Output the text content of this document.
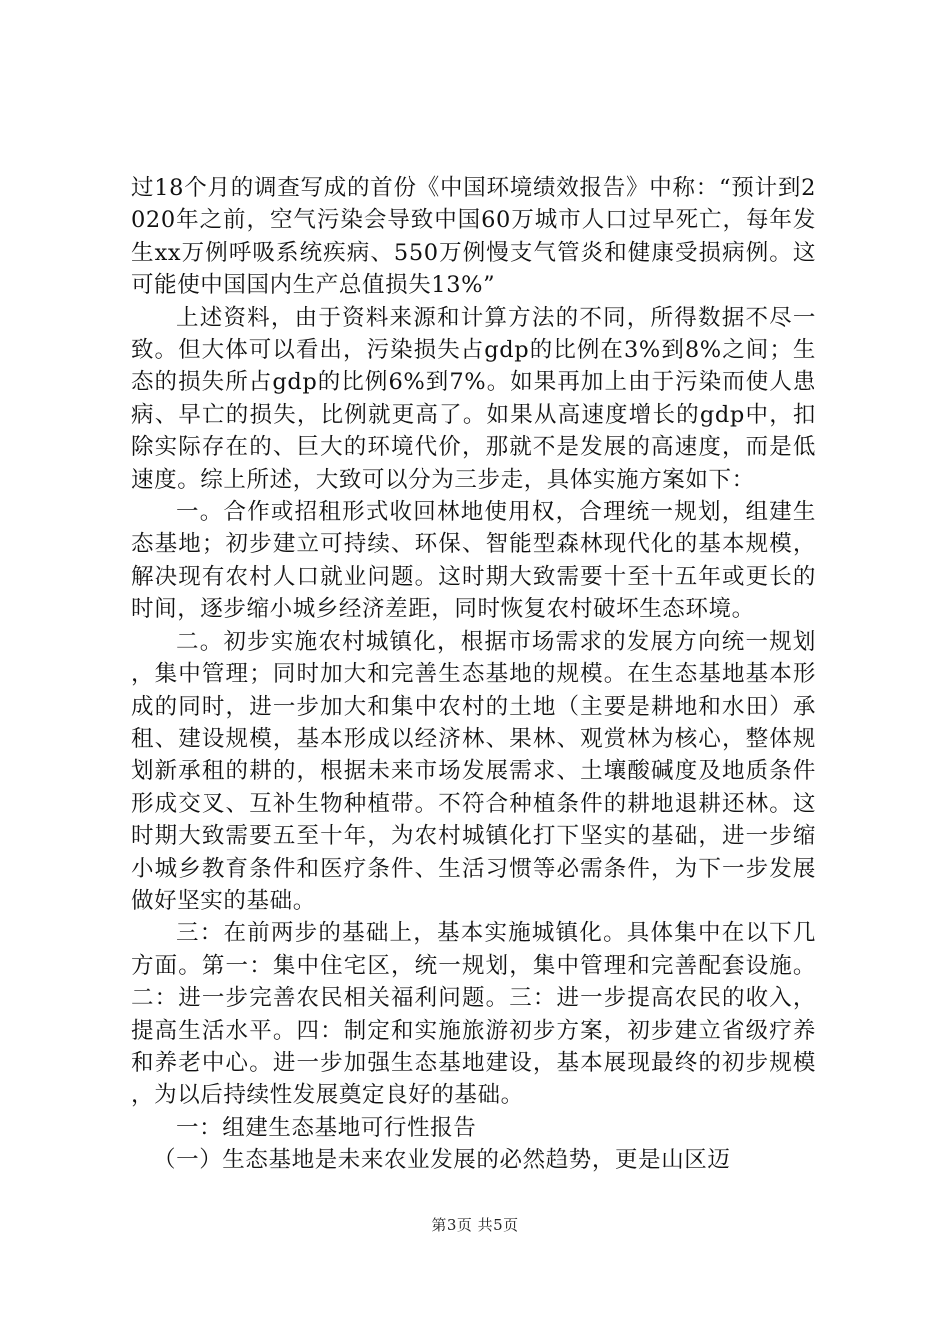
过18个月的调查写成的首份《中国环境绩效报告》中称：“预计到2020年之前，空气污染会导致中国60万城市人口过早死亡，每年发生xx万例呼吸系统疾病、550万例慢支气管炎和健康受损病例。这可能使中国国内生产总值损失13%”

上述资料，由于资料来源和计算方法的不同，所得数据不尽一致。但大体可以看出，污染损失占gdp的比例在3%到8%之间；生态的损失所占gdp的比例6%到7%。如果再加上由于污染而使人患病、早亡的损失，比例就更高了。如果从高速度增长的gdp中，扣除实际存在的、巨大的环境代价，那就不是发展的高速度，而是低速度。综上所述，大致可以分为三步走，具体实施方案如下：

一。合作或招租形式收回林地使用权，合理统一规划，组建生态基地；初步建立可持续、环保、智能型森林现代化的基本规模，解决现有农村人口就业问题。这时期大致需要十至十五年或更长的时间，逐步缩小城乡经济差距，同时恢复农村破坏生态环境。

二。初步实施农村城镇化，根据市场需求的发展方向统一规划，集中管理；同时加大和完善生态基地的规模。在生态基地基本形成的同时，进一步加大和集中农村的土地（主要是耕地和水田）承租、建设规模，基本形成以经济林、果林、观赏林为核心，整体规划新承租的耕的，根据未来市场发展需求、土壤酸碱度及地质条件形成交叉、互补生物种植带。不符合种植条件的耕地退耕还林。这时期大致需要五至十年，为农村城镇化打下坚实的基础，进一步缩小城乡教育条件和医疗条件、生活习惯等必需条件，为下一步发展做好坚实的基础。

三：在前两步的基础上，基本实施城镇化。具体集中在以下几方面。第一：集中住宅区，统一规划，集中管理和完善配套设施。二：进一步完善农民相关福利问题。三：进一步提高农民的收入，提高生活水平。四：制定和实施旅游初步方案，初步建立省级疗养和养老中心。进一步加强生态基地建设，基本展现最终的初步规模，为以后持续性发展奠定良好的基础。

一：组建生态基地可行性报告

（一）生态基地是未来农业发展的必然趋势，更是山区迈

第3页 共5页
